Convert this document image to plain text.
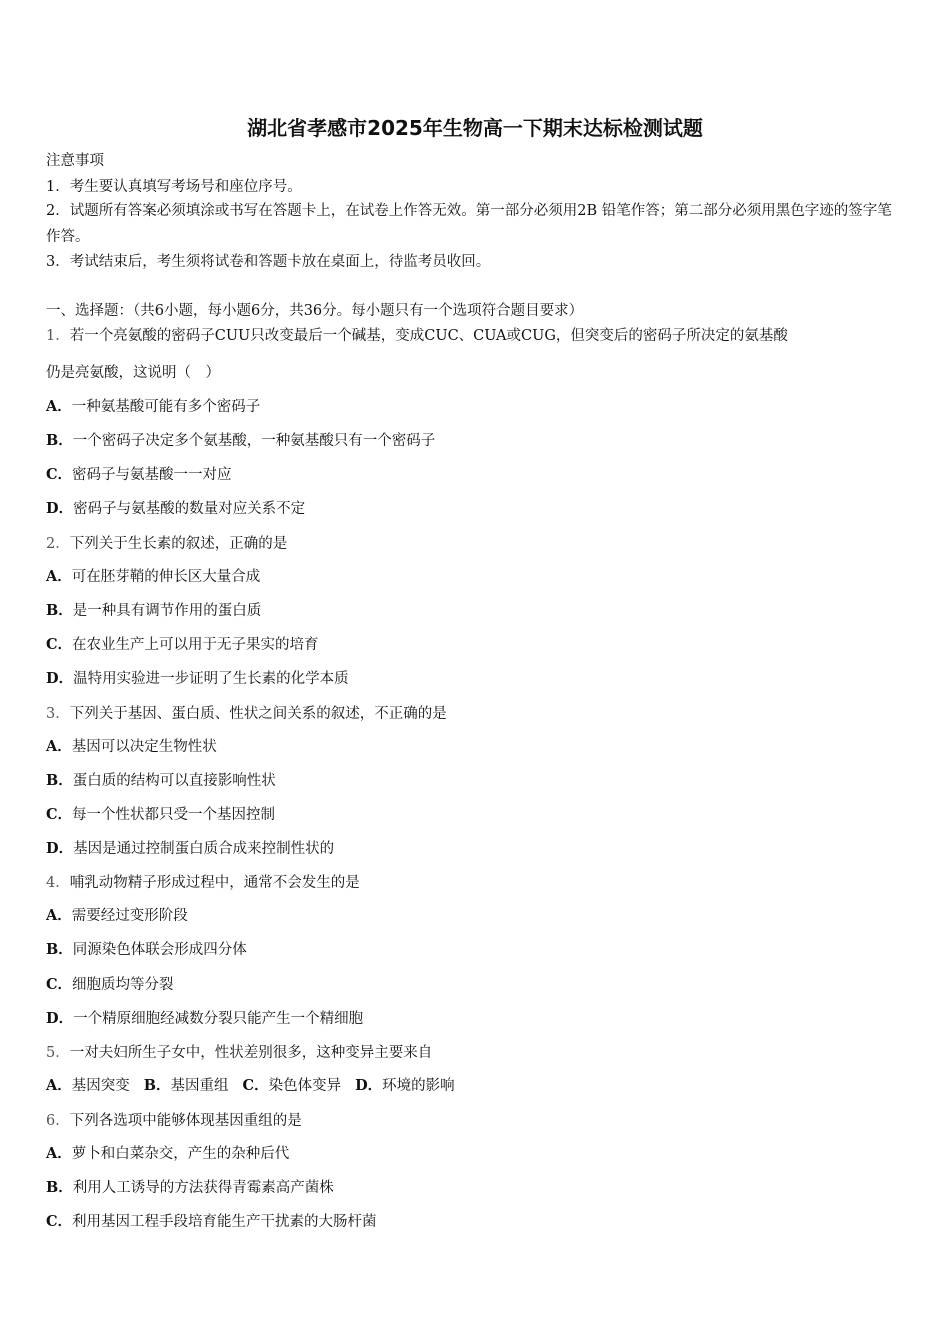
湖北省孝感市2025年生物高一下期末达标检测试题
注意事项
1．考生要认真填写考场号和座位序号。
2．试题所有答案必须填涂或书写在答题卡上，在试卷上作答无效。第一部分必须用2B 铅笔作答；第二部分必须用黑色字迹的签字笔作答。
3．考试结束后，考生须将试卷和答题卡放在桌面上，待监考员收回。
一、选择题：（共6小题，每小题6分，共36分。每小题只有一个选项符合题目要求）
1．若一个亮氨酸的密码子CUU只改变最后一个碱基，变成CUC、CUA或CUG，但突变后的密码子所决定的氨基酸
仍是亮氨酸，这说明（　）
A．一种氨基酸可能有多个密码子
B．一个密码子决定多个氨基酸，一种氨基酸只有一个密码子
C．密码子与氨基酸一一对应
D．密码子与氨基酸的数量对应关系不定
2．下列关于生长素的叙述，正确的是
A．可在胚芽鞘的伸长区大量合成
B．是一种具有调节作用的蛋白质
C．在农业生产上可以用于无子果实的培育
D．温特用实验进一步证明了生长素的化学本质
3．下列关于基因、蛋白质、性状之间关系的叙述，不正确的是
A．基因可以决定生物性状
B．蛋白质的结构可以直接影响性状
C．每一个性状都只受一个基因控制
D．基因是通过控制蛋白质合成来控制性状的
4．哺乳动物精子形成过程中，通常不会发生的是
A．需要经过变形阶段
B．同源染色体联会形成四分体
C．细胞质均等分裂
D．一个精原细胞经减数分裂只能产生一个精细胞
5．一对夫妇所生子女中，性状差别很多，这种变异主要来自
A．基因突变 B．基因重组 C．染色体变异 D．环境的影响
6．下列各选项中能够体现基因重组的是
A．萝卜和白菜杂交，产生的杂种后代
B．利用人工诱导的方法获得青霉素高产菌株
C．利用基因工程手段培育能生产干扰素的大肠杆菌
